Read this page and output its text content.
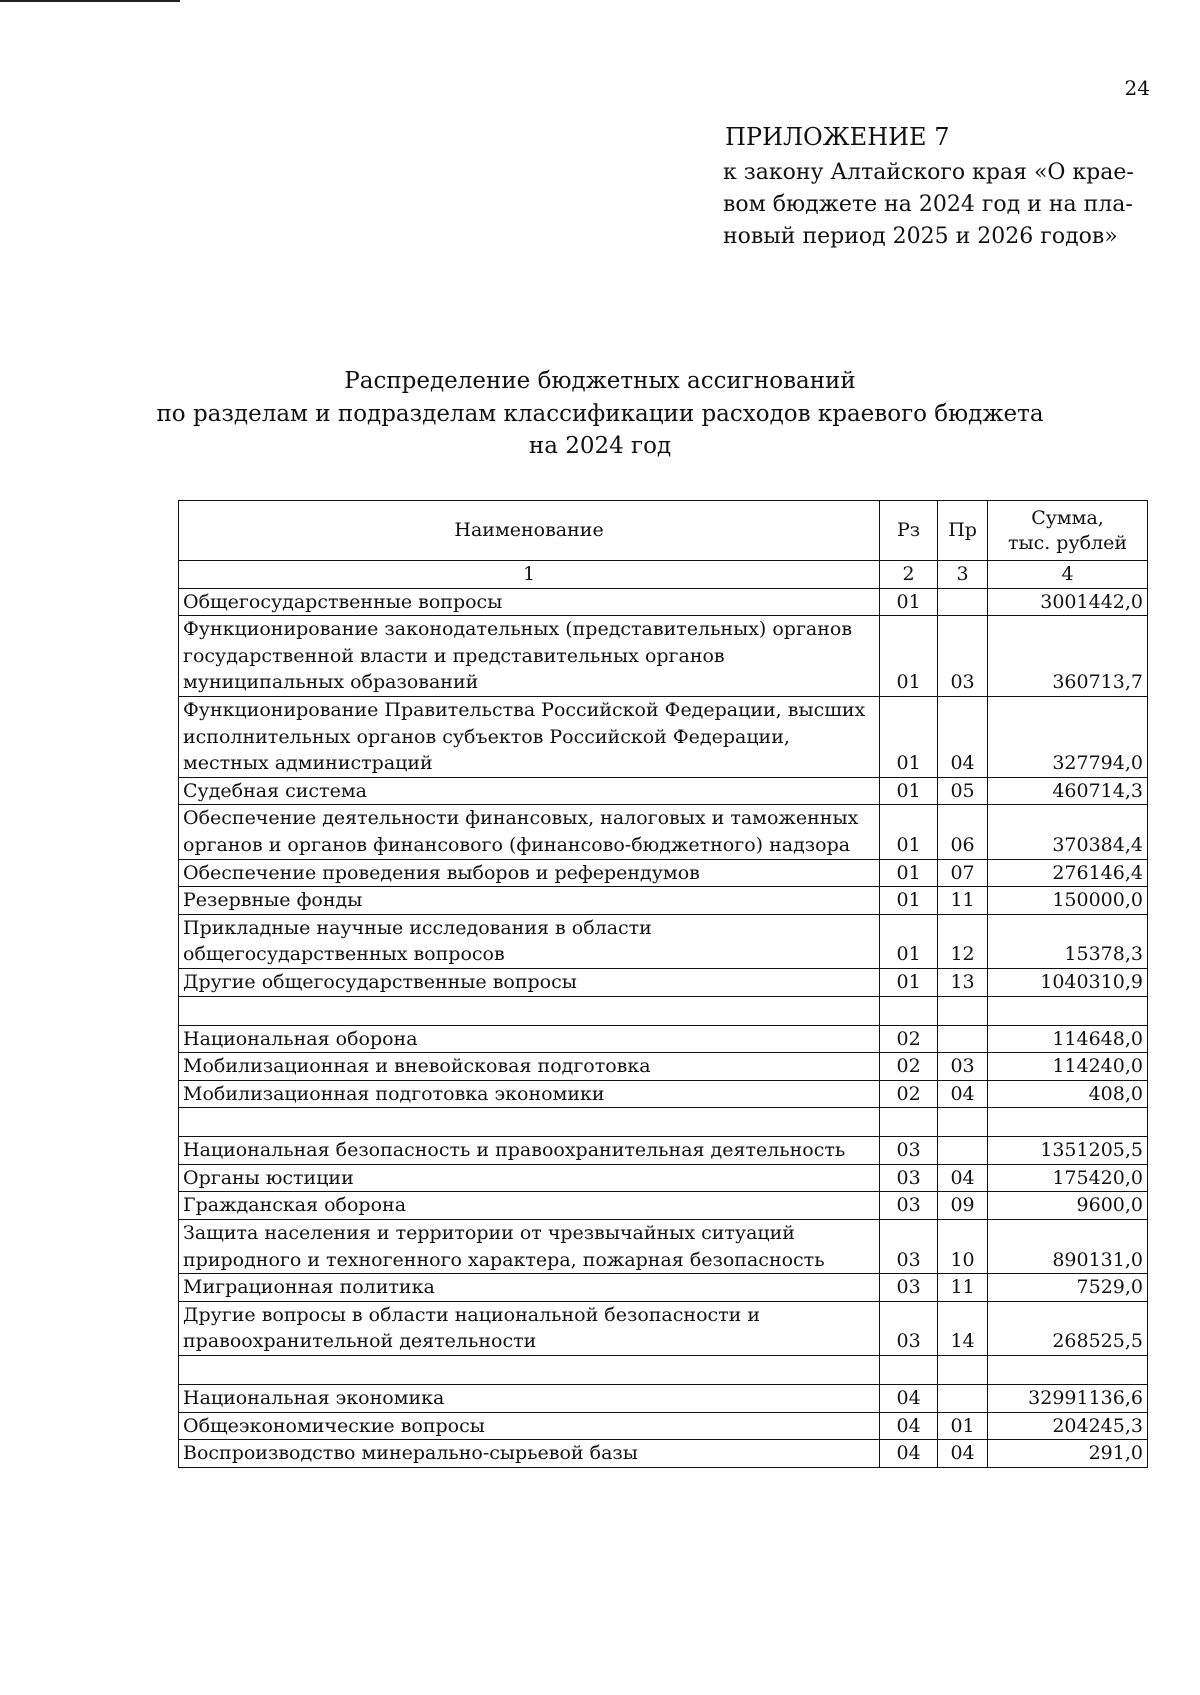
24
ПРИЛОЖЕНИЕ 7
к закону Алтайского края «О крае-
вом бюджете на 2024 год и на пла-
новый период 2025 и 2026 годов»
Распределение бюджетных ассигнований
по разделам и подразделам классификации расходов краевого бюджета
на 2024 год
Наименование	Рз	Пр	Сумма,
тыс. рублей

1	2	3	4
Общегосударственные вопросы	01		3001442,0
Функционирование законодательных (представительных) органов государственной власти и представительных органов муниципальных образований	01	03	360713,7
Функционирование Правительства Российской Федерации, высших исполнительных органов субъектов Российской Федерации, местных администраций	01	04	327794,0
Судебная система	01	05	460714,3
Обеспечение деятельности финансовых, налоговых и таможенных органов и органов финансового (финансово-бюджетного) надзора	01	06	370384,4
Обеспечение проведения выборов и референдумов	01	07	276146,4
Резервные фонды	01	11	150000,0
Прикладные научные исследования в области общегосударственных вопросов	01	12	15378,3
Другие общегосударственные вопросы	01	13	1040310,9

Национальная оборона	02		114648,0
Мобилизационная и вневойсковая подготовка	02	03	114240,0
Мобилизационная подготовка экономики	02	04	408,0

Национальная безопасность и правоохранительная деятельность	03		1351205,5
Органы юстиции	03	04	175420,0
Гражданская оборона	03	09	9600,0
Защита населения и территории от чрезвычайных ситуаций природного и техногенного характера, пожарная безопасность	03	10	890131,0
Миграционная политика	03	11	7529,0
Другие вопросы в области национальной безопасности и правоохранительной деятельности	03	14	268525,5

Национальная экономика	04		32991136,6
Общеэкономические вопросы	04	01	204245,3
Воспроизводство минерально-сырьевой базы	04	04	291,0
